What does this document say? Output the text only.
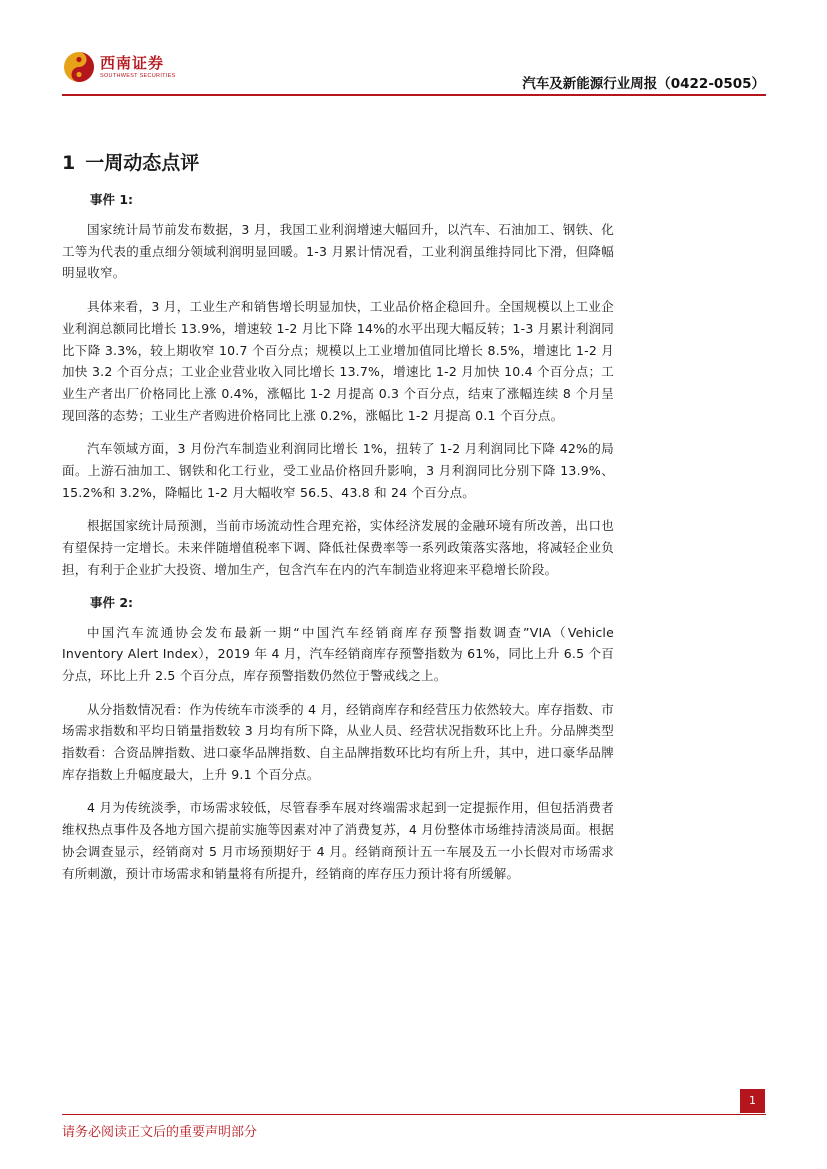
西南证券
SOUTHWEST SECURITIES	汽车及新能源行业周报（0422-0505）
1 一周动态点评
事件 1:

国家统计局节前发布数据，3 月，我国工业利润增速大幅回升，以汽车、石油加工、钢铁、化工等为代表的重点细分领域利润明显回暖。1-3 月累计情况看，工业利润虽维持同比下滑，但降幅明显收窄。

具体来看，3 月，工业生产和销售增长明显加快，工业品价格企稳回升。全国规模以上工业企业利润总额同比增长 13.9%，增速较 1-2 月比下降 14%的水平出现大幅反转；1-3 月累计利润同比下降 3.3%，较上期收窄 10.7 个百分点；规模以上工业增加值同比增长 8.5%，增速比 1-2 月加快 3.2 个百分点；工业企业营业收入同比增长 13.7%，增速比 1-2 月加快 10.4 个百分点；工业生产者出厂价格同比上涨 0.4%，涨幅比 1-2 月提高 0.3 个百分点，结束了涨幅连续 8 个月呈现回落的态势；工业生产者购进价格同比上涨 0.2%，涨幅比 1-2 月提高 0.1 个百分点。

汽车领域方面，3 月份汽车制造业利润同比增长 1%，扭转了 1-2 月利润同比下降 42%的局面。上游石油加工、钢铁和化工行业，受工业品价格回升影响，3 月利润同比分别下降 13.9%、15.2%和 3.2%，降幅比 1-2 月大幅收窄 56.5、43.8 和 24 个百分点。

根据国家统计局预测，当前市场流动性合理充裕，实体经济发展的金融环境有所改善，出口也有望保持一定增长。未来伴随增值税率下调、降低社保费率等一系列政策落实落地，将减轻企业负担，有利于企业扩大投资、增加生产，包含汽车在内的汽车制造业将迎来平稳增长阶段。

事件 2:

中国汽车流通协会发布最新一期“中国汽车经销商库存预警指数调查”VIA（Vehicle Inventory Alert Index），2019 年 4 月，汽车经销商库存预警指数为 61%，同比上升 6.5 个百分点，环比上升 2.5 个百分点，库存预警指数仍然位于警戒线之上。

从分指数情况看：作为传统车市淡季的 4 月，经销商库存和经营压力依然较大。库存指数、市场需求指数和平均日销量指数较 3 月均有所下降，从业人员、经营状况指数环比上升。分品牌类型指数看：合资品牌指数、进口豪华品牌指数、自主品牌指数环比均有所上升，其中，进口豪华品牌库存指数上升幅度最大，上升 9.1 个百分点。

4 月为传统淡季，市场需求较低，尽管春季车展对终端需求起到一定提振作用，但包括消费者维权热点事件及各地方国六提前实施等因素对冲了消费复苏，4 月份整体市场维持清淡局面。根据协会调查显示，经销商对 5 月市场预期好于 4 月。经销商预计五一车展及五一小长假对市场需求有所刺激，预计市场需求和销量将有所提升，经销商的库存压力预计将有所缓解。

1
请务必阅读正文后的重要声明部分
